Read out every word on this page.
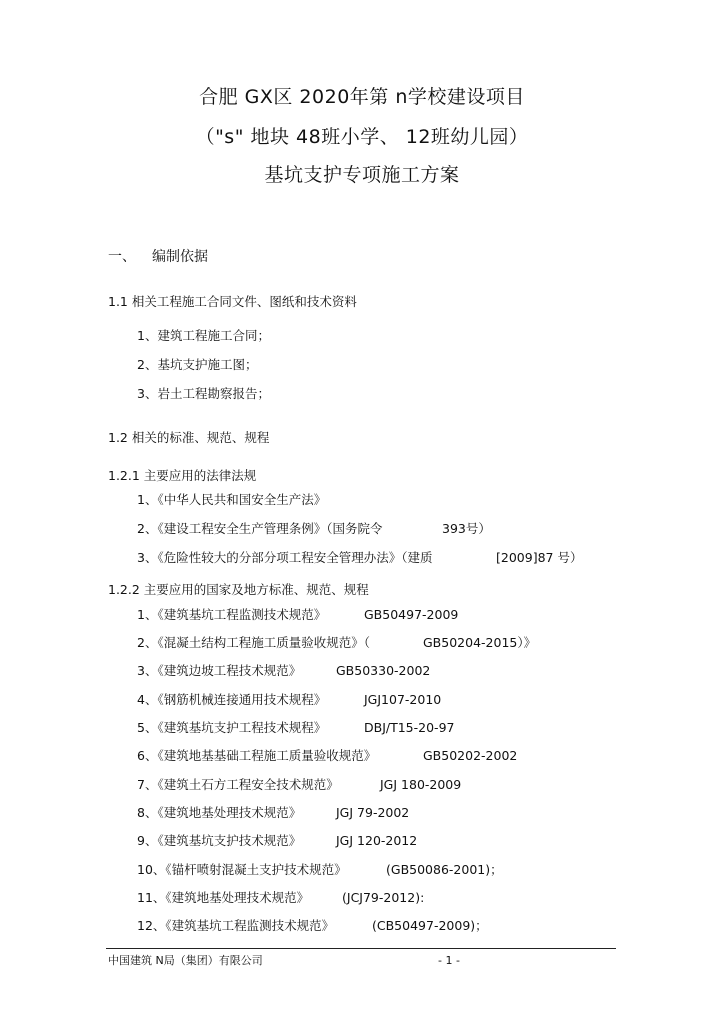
合肥 GX区 2020年第 n学校建设项目
（"s" 地块 48班小学、 12班幼儿园）
基坑支护专项施工方案
一、 编制依据
1.1 相关工程施工合同文件、图纸和技术资料
1、建筑工程施工合同；
2、基坑支护施工图；
3、岩土工程勘察报告；
1.2 相关的标准、规范、规程
1.2.1 主要应用的法律法规
1、《中华人民共和国安全生产法》
2、《建设工程安全生产管理条例》（国务院令	393号）
3、《危险性较大的分部分项工程安全管理办法》（建质	[2009]87 号）
1.2.2 主要应用的国家及地方标准、规范、规程
1、《建筑基坑工程监测技术规范》	GB50497-2009
2、《混凝土结构工程施工质量验收规范》（	GB50204-2015）》
3、《建筑边坡工程技术规范》	GB50330-2002
4、《钢筋机械连接通用技术规程》	JGJ107-2010
5、《建筑基坑支护工程技术规程》	DBJ/T15-20-97
6、《建筑地基基础工程施工质量验收规范》	GB50202-2002
7、《建筑土石方工程安全技术规范》	JGJ 180-2009
8、《建筑地基处理技术规范》	JGJ 79-2002
9、《建筑基坑支护技术规范》	JGJ 120-2012
10、《锚杆喷射混凝土支护技术规范》	(GB50086-2001)；
11、《建筑地基处理技术规范》	(JCJ79-2012):
12、《建筑基坑工程监测技术规范》	(CB50497-2009)；
中国建筑 N局（集团）有限公司	- 1 -
